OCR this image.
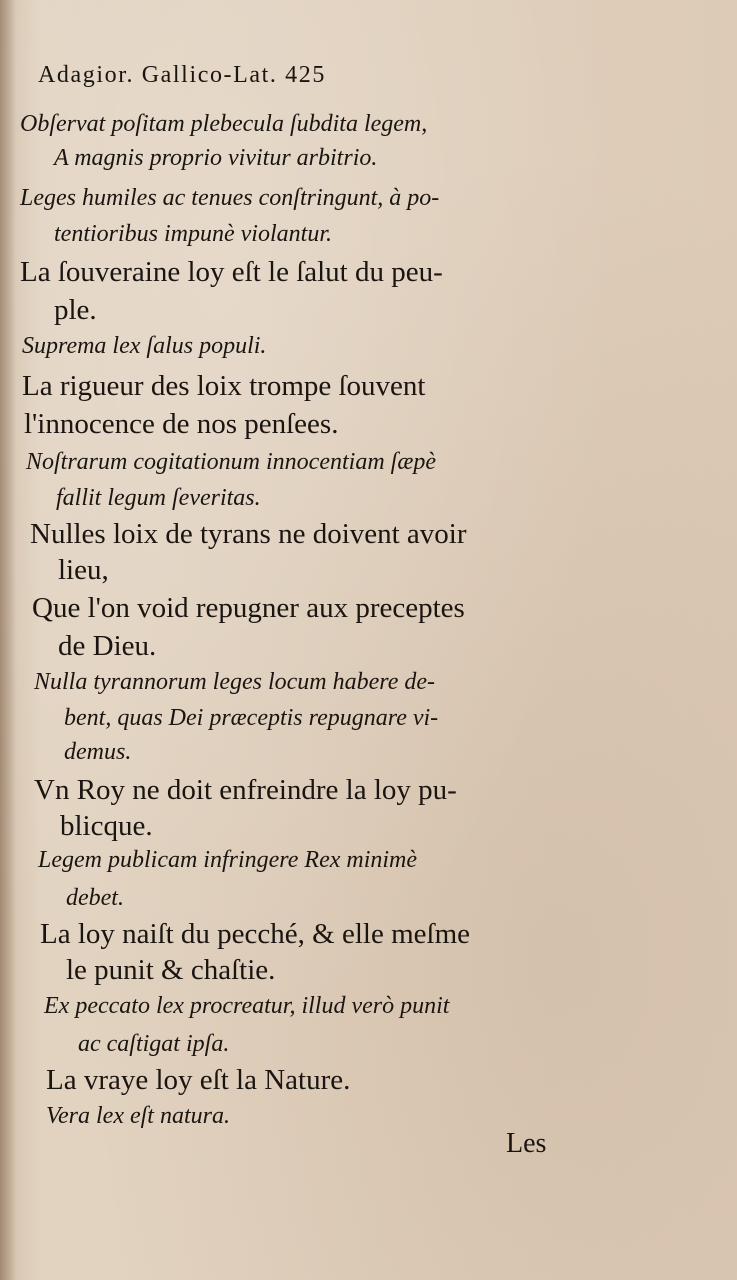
Adagior. Gallico-Lat. 425
Obſervat poſitam plebecula ſubdita legem,
A magnis proprio vivitur arbitrio.
Leges humiles ac tenues conſtringunt, à po-
tentioribus impunè violantur.
La ſouveraine loy eſt le ſalut du peu-
ple.
Suprema lex ſalus populi.
La rigueur des loix trompe ſouvent
l'innocence de nos penſees.
Noſtrarum cogitationum innocentiam ſæpè
fallit legum ſeveritas.
Nulles loix de tyrans ne doivent avoir
lieu,
Que l'on void repugner aux preceptes
de Dieu.
Nulla tyrannorum leges locum habere de-
bent, quas Dei præceptis repugnare vi-
demus.
Vn Roy ne doit enfreindre la loy pu-
blicque.
Legem publicam infringere Rex minimè
debet.
La loy naiſt du pecché, & elle meſme
le punit & chaſtie.
Ex peccato lex procreatur, illud verò punit
ac caſtigat ipſa.
La vraye loy eſt la Nature.
Vera lex eſt natura.
Les
